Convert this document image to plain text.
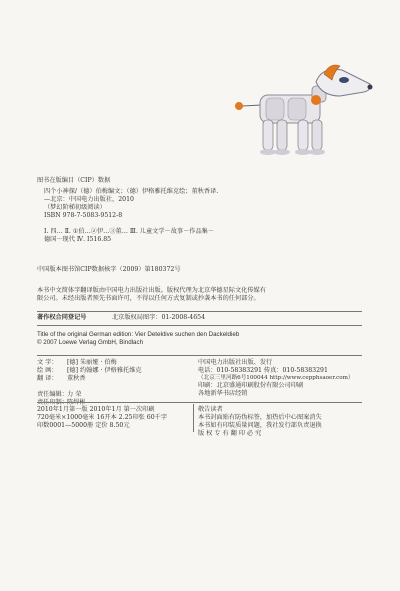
图书在版编目（CIP）数据
四个小神探/（德）伯梅编文；（德）伊格雅托维克绘；董秋香译.
—北京：中国电力出版社，2010
（梦幻阶梯初级阅读）
ISBN 978-7-5083-9512-8
Ⅰ. 四… Ⅱ. ①伯…②伊…③董… Ⅲ. 儿童文学－故事－作品集－
德国－现代 Ⅳ. I516.85
中国版本图书馆CIP数据核字（2009）第180372号
本书中文简体字翻译版由中国电力出版社出版。版权代理为北京华德星际文化传媒有
限公司。未经出版者预先书面许可，不得以任何方式复制或抄袭本书的任何部分。
著作权合同登记号	北京版权局图字：01-2008-4654
Title of the original German edition: Vier Detektive suchen den Dackeldieb
© 2007 Loewe Verlag GmbH, Bindlach
文 字：	[德] 朱丽娅 · 伯梅
绘 画：	[德] 约翰娜 · 伊格雅托维克
翻 译：	董秋香
责任编辑： 力 荣
责任印制： 陈焊彬
中国电力出版社出版、发行
电话：010-58383291 传真：010-58383291
（北京三里河路6号100044 http://www.cepphsaoer.com）
印刷：北京盛通印刷股份有限公司印刷
各地新华书店经销
2010年1月第一版 2010年1月 第一次印刷
720毫米×1000毫米 16开本 2.25印张 60千字
印数0001—5000册 定价 8.50元
敬告读者
本书封面贴有防伪标签，加热后中心图案消失
本书如有印装质量问题，我社发行部负责退换
版 权 专 有 翻 印 必 究
